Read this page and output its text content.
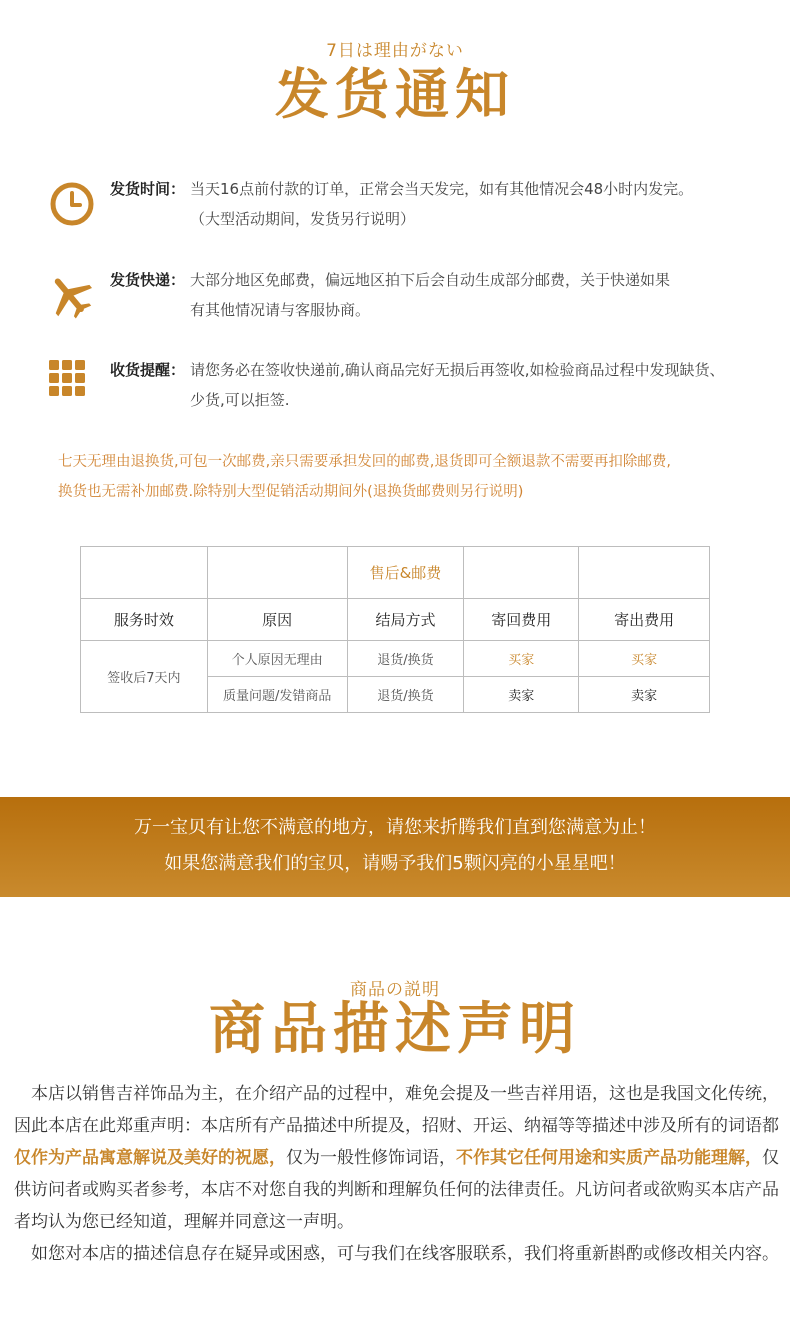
7日は理由がない
发货通知
发货时间： 当天16点前付款的订单，正常会当天发完，如有其他情况会48小时内发完。
（大型活动期间，发货另行说明）
发货快递： 大部分地区免邮费，偏远地区拍下后会自动生成部分邮费，关于快递如果
有其他情况请与客服协商。
收货提醒： 请您务必在签收快递前,确认商品完好无损后再签收,如检验商品过程中发现缺货、
少货,可以拒签.
七天无理由退换货,可包一次邮费,亲只需要承担发回的邮费,退货即可全额退款不需要再扣除邮费,
换货也无需补加邮费.除特别大型促销活动期间外(退换货邮费则另行说明)
		售后&邮费		
服务时效	原因	结局方式	寄回费用	寄出费用
签收后7天内	个人原因无理由	退货/换货	买家	买家
	质量问题/发错商品	退货/换货	卖家	卖家
万一宝贝有让您不满意的地方，请您来折腾我们直到您满意为止！
如果您满意我们的宝贝，请赐予我们5颗闪亮的小星星吧！
商品の説明
商品描述声明

 本店以销售吉祥饰品为主，在介绍产品的过程中，难免会提及一些吉祥用语，这也是我国文化传统，因此本店在此郑重声明：本店所有产品描述中所提及，招财、开运、纳福等等描述中涉及所有的词语都仅作为产品寓意解说及美好的祝愿，仅为一般性修饰词语，不作其它任何用途和实质产品功能理解，仅供访问者或购买者参考，本店不对您自我的判断和理解负任何的法律责任。凡访问者或欲购买本店产品者均认为您已经知道，理解并同意这一声明。

 如您对本店的描述信息存在疑异或困惑，可与我们在线客服联系，我们将重新斟酌或修改相关内容。
